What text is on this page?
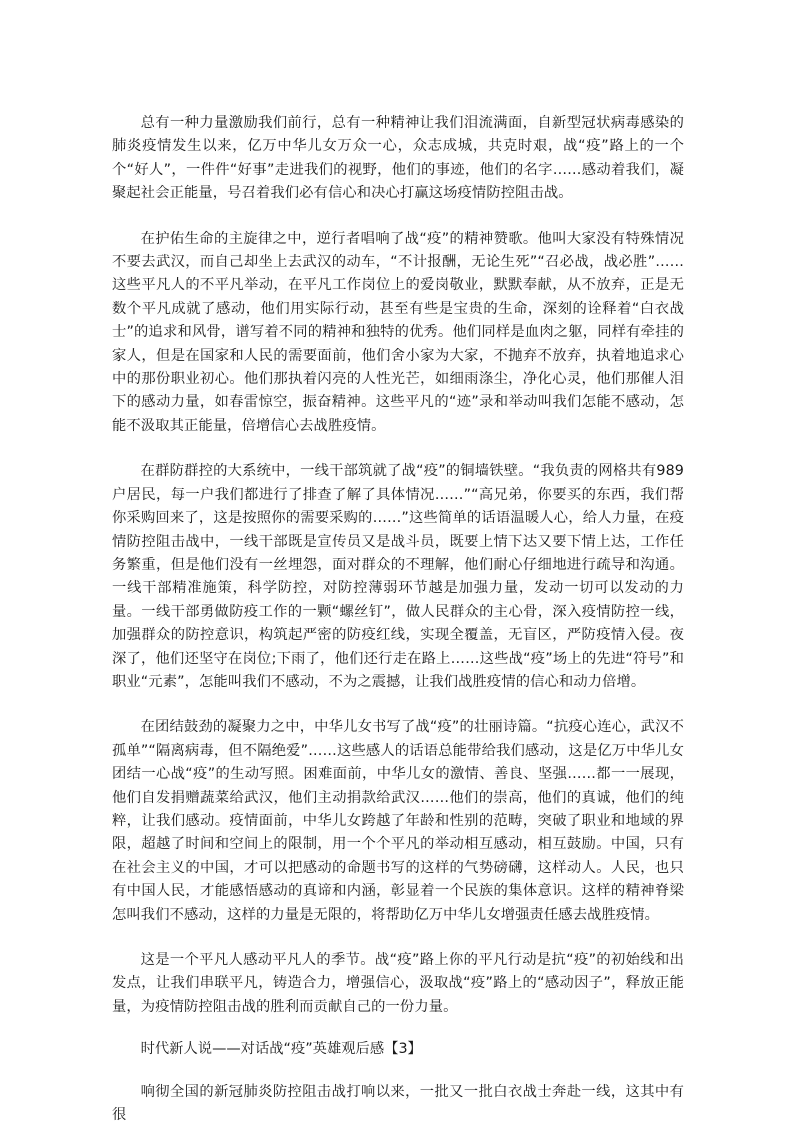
总有一种力量激励我们前行，总有一种精神让我们泪流满面，自新型冠状病毒感染的肺炎疫情发生以来，亿万中华儿女万众一心，众志成城，共克时艰，战“疫”路上的一个个“好人”，一件件“好事”走进我们的视野，他们的事迹，他们的名字……感动着我们，凝聚起社会正能量，号召着我们必有信心和决心打赢这场疫情防控阻击战。

在护佑生命的主旋律之中，逆行者唱响了战“疫”的精神赞歌。他叫大家没有特殊情况不要去武汉，而自己却坐上去武汉的动车，“不计报酬，无论生死”“召必战，战必胜”……这些平凡人的不平凡举动，在平凡工作岗位上的爱岗敬业，默默奉献，从不放弃，正是无数个平凡成就了感动，他们用实际行动，甚至有些是宝贵的生命，深刻的诠释着“白衣战士”的追求和风骨，谱写着不同的精神和独特的优秀。他们同样是血肉之躯，同样有牵挂的家人，但是在国家和人民的需要面前，他们舍小家为大家，不抛弃不放弃，执着地追求心中的那份职业初心。他们那执着闪亮的人性光芒，如细雨涤尘，净化心灵，他们那催人泪下的感动力量，如春雷惊空，振奋精神。这些平凡的“迹”录和举动叫我们怎能不感动，怎能不汲取其正能量，倍增信心去战胜疫情。

在群防群控的大系统中，一线干部筑就了战“疫”的铜墙铁壁。“我负责的网格共有989户居民，每一户我们都进行了排查了解了具体情况……”“高兄弟，你要买的东西，我们帮你采购回来了，这是按照你的需要采购的……”这些简单的话语温暖人心，给人力量，在疫情防控阻击战中，一线干部既是宣传员又是战斗员，既要上情下达又要下情上达，工作任务繁重，但是他们没有一丝埋怨，面对群众的不理解，他们耐心仔细地进行疏导和沟通。一线干部精准施策，科学防控，对防控薄弱环节越是加强力量，发动一切可以发动的力量。一线干部勇做防疫工作的一颗“螺丝钉”，做人民群众的主心骨，深入疫情防控一线，加强群众的防控意识，构筑起严密的防疫红线，实现全覆盖，无盲区，严防疫情入侵。夜深了，他们还坚守在岗位;下雨了，他们还行走在路上……这些战“疫”场上的先进“符号”和职业“元素”，怎能叫我们不感动，不为之震撼，让我们战胜疫情的信心和动力倍增。

在团结鼓劲的凝聚力之中，中华儿女书写了战“疫”的壮丽诗篇。“抗疫心连心，武汉不孤单”“隔离病毒，但不隔绝爱”……这些感人的话语总能带给我们感动，这是亿万中华儿女团结一心战“疫”的生动写照。困难面前，中华儿女的激情、善良、坚强……都一一展现，他们自发捐赠蔬菜给武汉，他们主动捐款给武汉……他们的崇高，他们的真诚，他们的纯粹，让我们感动。疫情面前，中华儿女跨越了年龄和性别的范畴，突破了职业和地域的界限，超越了时间和空间上的限制，用一个个平凡的举动相互感动，相互鼓励。中国，只有在社会主义的中国，才可以把感动的命题书写的这样的气势磅礴，这样动人。人民，也只有中国人民，才能感悟感动的真谛和内涵，彰显着一个民族的集体意识。这样的精神脊梁怎叫我们不感动，这样的力量是无限的，将帮助亿万中华儿女增强责任感去战胜疫情。

这是一个平凡人感动平凡人的季节。战“疫”路上你的平凡行动是抗“疫”的初始线和出发点，让我们串联平凡，铸造合力，增强信心，汲取战“疫”路上的“感动因子”，释放正能量，为疫情防控阻击战的胜利而贡献自己的一份力量。

时代新人说——对话战“疫”英雄观后感【3】

响彻全国的新冠肺炎防控阻击战打响以来，一批又一批白衣战士奔赴一线，这其中有很
